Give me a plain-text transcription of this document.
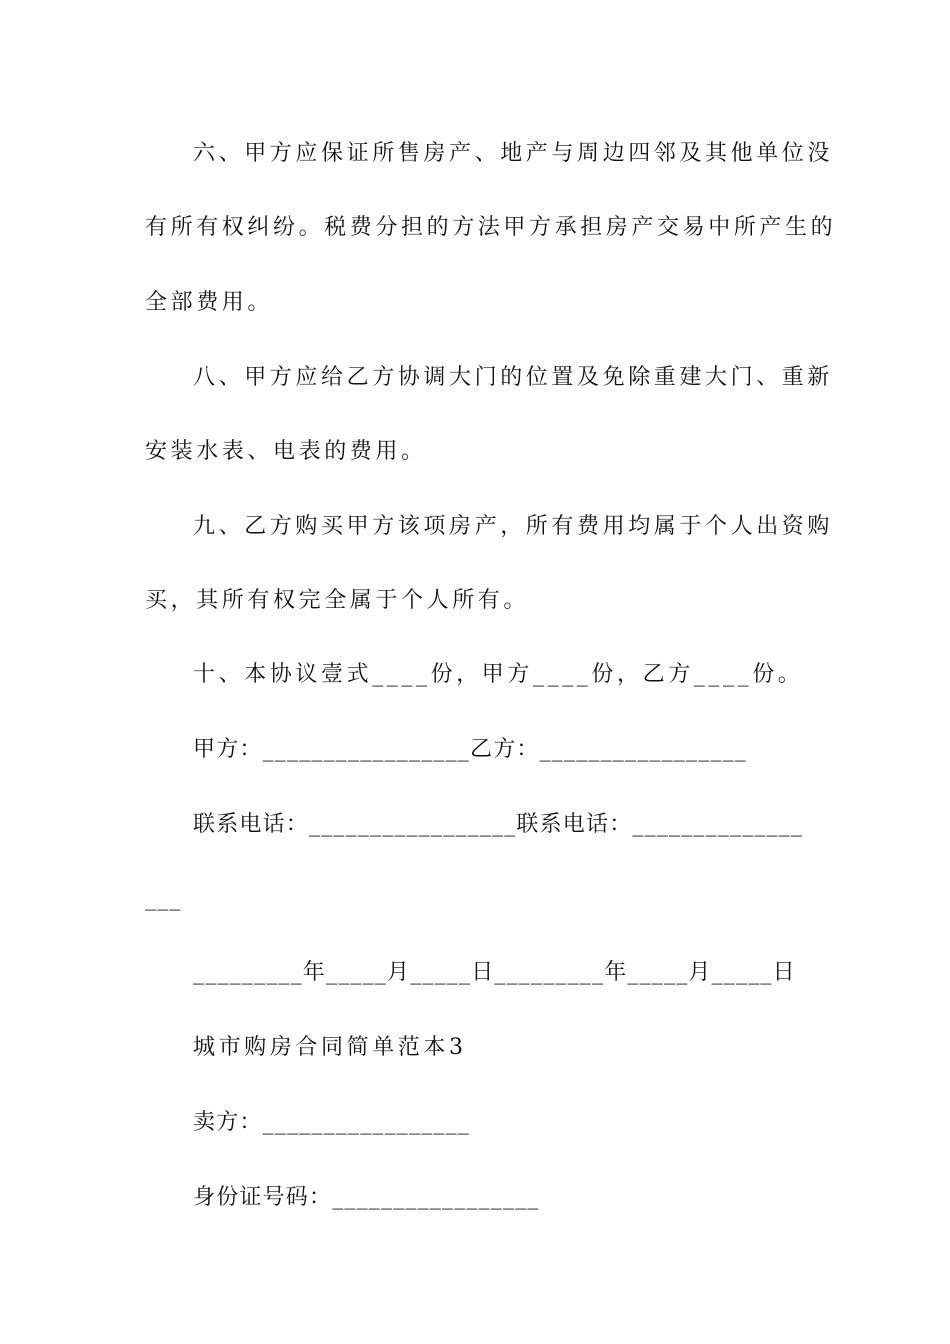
六、甲方应保证所售房产、地产与周边四邻及其他单位没
有所有权纠纷。税费分担的方法甲方承担房产交易中所产生的
全部费用。
八、甲方应给乙方协调大门的位置及免除重建大门、重新
安装水表、电表的费用。
九、乙方购买甲方该项房产，所有费用均属于个人出资购
买，其所有权完全属于个人所有。
十、本协议壹式____份，甲方____份，乙方____份。
甲方：_________________乙方：_________________
联系电话：_________________联系电话：______________
___
_________年_____月_____日_________年_____月_____日
城市购房合同简单范本3
卖方：_________________
身份证号码：_________________
